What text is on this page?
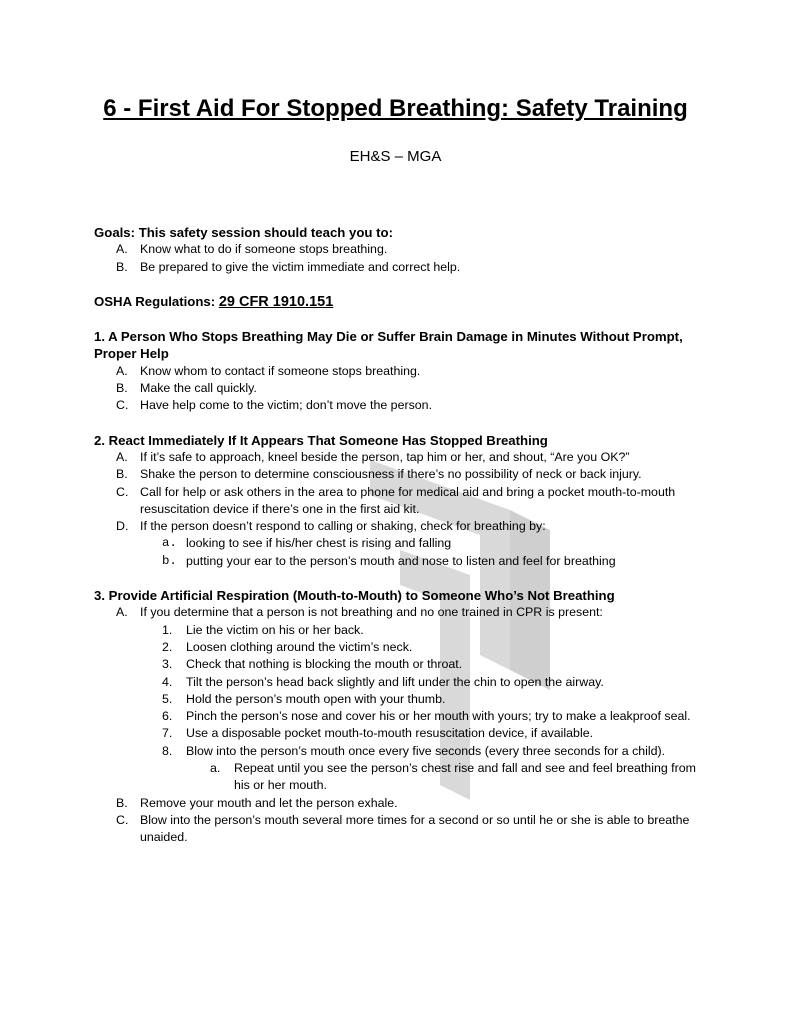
6 - First Aid For Stopped Breathing: Safety Training

EH&S – MGA

Goals: This safety session should teach you to:

A. Know what to do if someone stops breathing.

B. Be prepared to give the victim immediate and correct help.

OSHA Regulations: 29 CFR 1910.151

1. A Person Who Stops Breathing May Die or Suffer Brain Damage in Minutes Without Prompt, Proper Help

A. Know whom to contact if someone stops breathing.

B. Make the call quickly.

C. Have help come to the victim; don’t move the person.

2. React Immediately If It Appears That Someone Has Stopped Breathing

A. If it’s safe to approach, kneel beside the person, tap him or her, and shout, “Are you OK?”

B. Shake the person to determine consciousness if there’s no possibility of neck or back injury.

C. Call for help or ask others in the area to phone for medical aid and bring a pocket mouth-to-mouth resuscitation device if there’s one in the first aid kit.

D. If the person doesn’t respond to calling or shaking, check for breathing by:

a. looking to see if his/her chest is rising and falling

b. putting your ear to the person’s mouth and nose to listen and feel for breathing

3. Provide Artificial Respiration (Mouth-to-Mouth) to Someone Who’s Not Breathing

A. If you determine that a person is not breathing and no one trained in CPR is present:

1. Lie the victim on his or her back.

2. Loosen clothing around the victim’s neck.

3. Check that nothing is blocking the mouth or throat.

4. Tilt the person’s head back slightly and lift under the chin to open the airway.

5. Hold the person’s mouth open with your thumb.

6. Pinch the person’s nose and cover his or her mouth with yours; try to make a leakproof seal.

7. Use a disposable pocket mouth-to-mouth resuscitation device, if available.

8. Blow into the person’s mouth once every five seconds (every three seconds for a child).

a. Repeat until you see the person’s chest rise and fall and see and feel breathing from his or her mouth.

B. Remove your mouth and let the person exhale.

C. Blow into the person’s mouth several more times for a second or so until he or she is able to breathe unaided.
